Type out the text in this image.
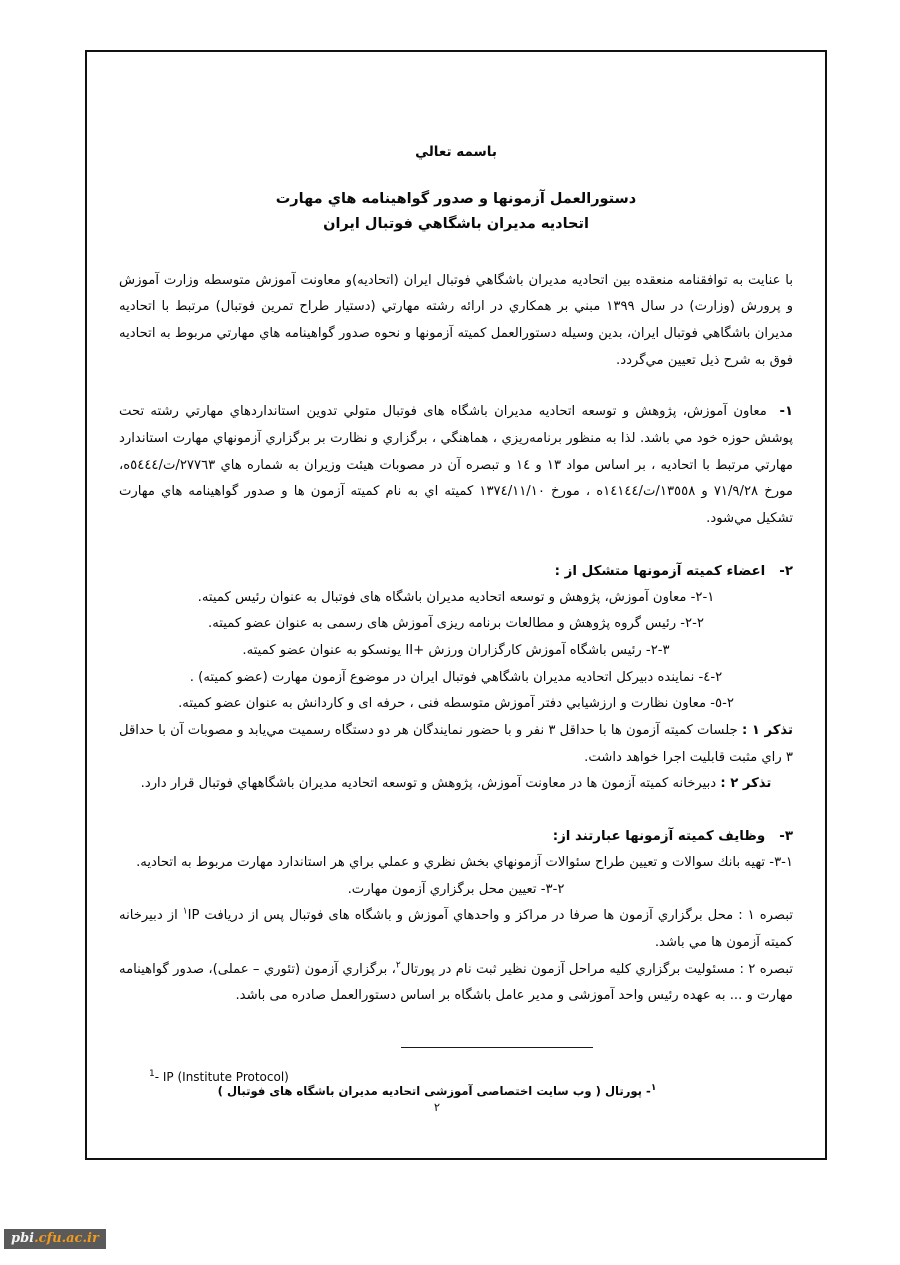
باسمه تعالي
دستورالعمل آزمونها و صدور گواهينامه هاي مهارت
اتحاديه مديران باشگاهي فوتبال ايران

با عنايت به توافقنامه منعقده بين اتحاديه مديران باشگاهي فوتبال ايران (اتحاديه)و معاونت آموزش متوسطه وزارت آموزش و پرورش (وزارت) در سال ۱۳۹۹ مبني بر همكاري در ارائه رشته مهارتي (دستيار طراح تمرين فوتبال) مرتبط با اتحاديه مديران باشگاهي فوتبال ايران، بدين وسيله دستورالعمل كميته آزمونها و نحوه صدور گواهينامه هاي مهارتي مربوط به اتحاديه فوق به شرح ذيل تعيين مي‌گردد.

۱-  معاون آموزش، پژوهش و توسعه اتحاديه مديران باشگاه های فوتبال متولي تدوين استانداردهاي مهارتي رشته تحت پوشش حوزه خود مي باشد. لذا به منظور برنامه‌ريزي ، هماهنگي ، برگزاري و نظارت بر برگزاري آزمونهاي مهارت استاندارد مهارتي مرتبط با اتحاديه ، بر اساس مواد ۱۳ و ۱٤ و تبصره آن در مصوبات هيئت وزيران به شماره هاي ۲۷۷٦۳/ت/٥٤٤٤ه، مورخ ۷۱/۹/۲۸ و ۱۳٥٥۸/ت/۱٤۱٤٤ه ، مورخ ۱۳۷٤/۱۱/۱۰ كميته اي به نام كميته آزمون ها و صدور گواهينامه هاي مهارت تشكيل مي‌شود.

۲-اعضاء كميته آزمونها متشكل از :

۲-۱- معاون آموزش، پژوهش و توسعه اتحاديه مديران باشگاه های فوتبال به عنوان رئيس كميته.

۲-۲- رئيس گروه پژوهش و مطالعات برنامه ریزی آموزش های رسمی به عنوان عضو كميته.

۲-۳- رئيس باشگاه آموزش كارگزاران ورزش ‎II+‎ يونسكو به عنوان عضو كميته.

۲-٤- نماينده دبيركل اتحاديه مديران باشگاهي فوتبال ايران در موضوع آزمون مهارت (عضو كميته) .

۲-٥- معاون نظارت و ارزشيابي دفتر آموزش متوسطه فنی ، حرفه ای و كاردانش به عنوان عضو كميته.

تذكر ۱ : جلسات كميته آزمون ها با حداقل ۳ نفر و با حضور نمايندگان هر دو دستگاه رسميت مي‌يابد و مصوبات آن با حداقل ۳ راي مثبت قابليت اجرا خواهد داشت.

تذكر ۲ : دبيرخانه كميته آزمون ها در معاونت آموزش، پژوهش و توسعه اتحاديه مديران باشگاههاي فوتبال قرار دارد.

۳-وظايف كميته آزمونها عبارتند از:

۳-۱- تهيه بانك سوالات و تعيين طراح سئوالات آزمونهاي بخش نظري و عملي براي هر استاندارد مهارت مربوط به اتحاديه.

۳-۲- تعيين محل برگزاري آزمون مهارت.

تبصره ۱ : محل برگزاري آزمون ها صرفا در مراكز و واحدهاي آموزش و باشگاه های فوتبال پس از دريافت IP$^۱$ از دبيرخانه كميته آزمون ها مي باشد.

تبصره ۲ : مسئوليت برگزاري كليه مراحل آزمون نظير ثبت نام در پورتال$^۲$، برگزاري آزمون (تئوري – عملی)، صدور گواهينامه مهارت و ... به عهده رئيس واحد آموزشی و مدير عامل باشگاه بر اساس دستورالعمل صادره می باشد.

$^1$- IP (Institute Protocol)
$^۱$- پورتال ( وب سايت اختصاصی آموزشی اتحاديه مديران باشگاه های فوتبال )
۲
pbi.cfu.ac.ir
